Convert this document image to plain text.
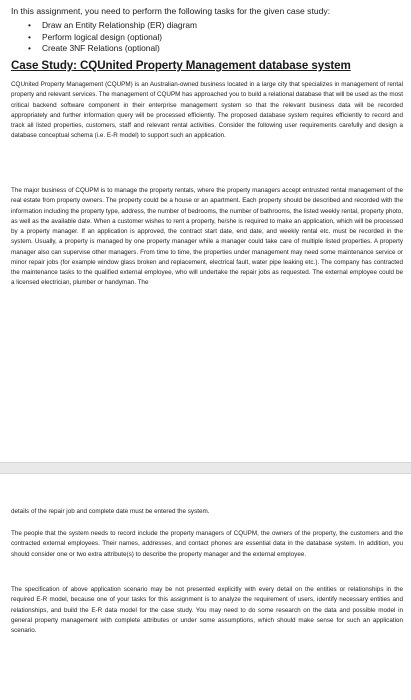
In this assignment, you need to perform the following tasks for the given case study:
• Draw an Entity Relationship (ER) diagram
• Perform logical design (optional)
• Create 3NF Relations (optional)
Case Study: CQUnited Property Management database system

CQUnited Property Management (CQUPM) is an Australian-owned business located in a large city that specializes in management of rental property and relevant services. The management of CQUPM has approached you to build a relational database that will be used as the most critical backend software component in their enterprise management system so that the relevant business data will be recorded appropriately and further information query will be processed efficiently. The proposed database system requires efficiently to record and track all listed properties, customers, staff and relevant rental activities. Consider the following user requirements carefully and design a database conceptual schema (i.e. E-R model) to support such an application.

The major business of CQUPM is to manage the property rentals, where the property managers accept entrusted rental management of the real estate from property owners. The property could be a house or an apartment. Each property should be described and recorded with the information including the property type, address, the number of bedrooms, the number of bathrooms, the listed weekly rental, property photo, as well as the available date. When a customer wishes to rent a property, he/she is required to make an application, which will be processed by a property manager. If an application is approved, the contract start date, end date, and weekly rental etc. must be recorded in the system. Usually, a property is managed by one property manager while a manager could take care of multiple listed properties. A property manager also can supervise other managers. From time to time, the properties under management may need some maintenance service or minor repair jobs (for example window glass broken and replacement, electrical fault, water pipe leaking etc.). The company has contracted the maintenance tasks to the qualified external employee, who will undertake the repair jobs as requested. The external employee could be a licensed electrician, plumber or handyman. The

details of the repair job and complete date must be entered the system.

The people that the system needs to record include the property managers of CQUPM, the owners of the property, the customers and the contracted external employees. Their names, addresses, and contact phones are essential data in the database system. In addition, you should consider one or two extra attribute(s) to describe the property manager and the external employee.

The specification of above application scenario may be not presented explicitly with every detail on the entities or relationships in the required E-R model, because one of your tasks for this assignment is to analyze the requirement of users, identify necessary entities and relationships, and build the E-R data model for the case study. You may need to do some research on the data and possible model in general property management with complete attributes or under some assumptions, which should make sense for such an application scenario.
